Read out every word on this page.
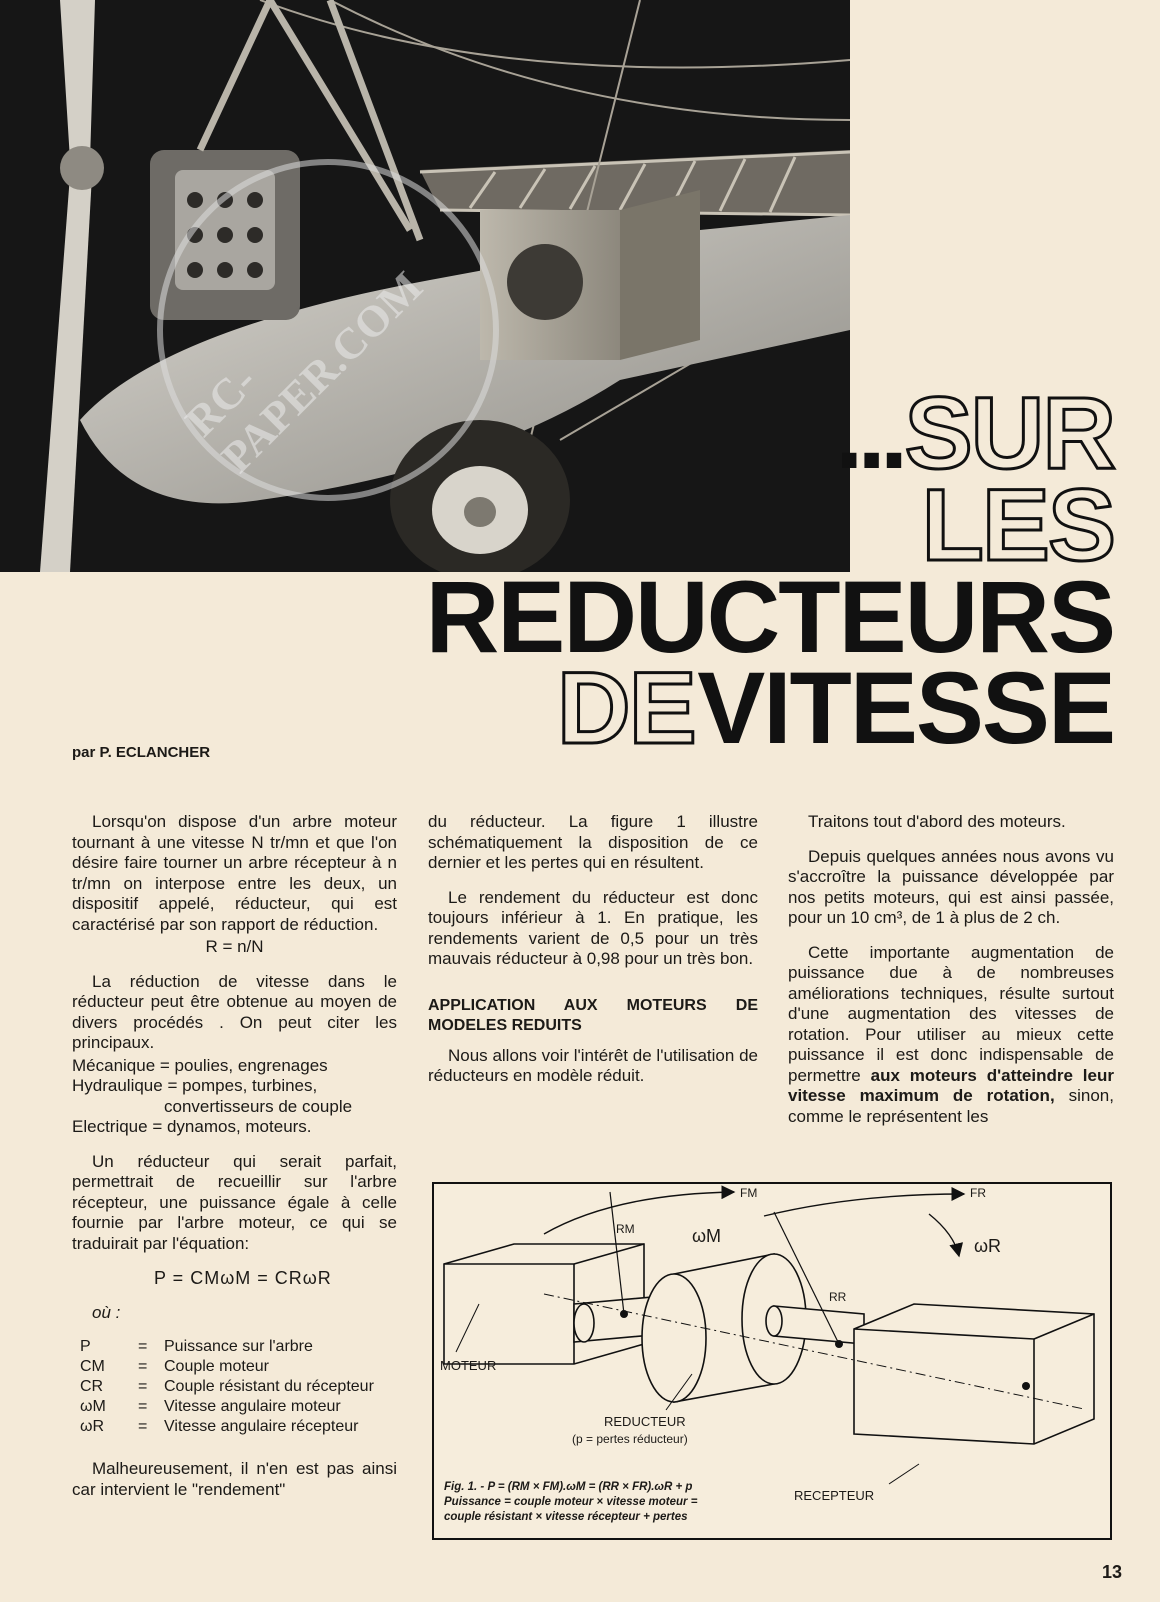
RC-PAPER.COM	... SUR
LES
REDUCTEURS
DE VITESSE
par P. ECLANCHER

Lorsqu'on dispose d'un arbre moteur tournant à une vitesse N tr/mn et que l'on désire faire tourner un arbre récepteur à n tr/mn on interpose entre les deux, un dispositif appelé, réducteur, qui est caractérisé par son rapport de réduction.

R = n/N

La réduction de vitesse dans le réducteur peut être obtenue au moyen de divers procédés . On peut citer les principaux.

Mécanique = poulies, engrenages
Hydraulique = pompes, turbines,
convertisseurs de couple
Electrique = dynamos, moteurs.

Un réducteur qui serait parfait, permettrait de recueillir sur l'arbre récepteur, une puissance égale à celle fournie par l'arbre moteur, ce qui se traduirait par l'équation:

P = CMωM = CRωR

où :

P	=	Puissance sur l'arbre
CM	=	Couple moteur
CR	=	Couple résistant du récepteur
ωM	=	Vitesse angulaire moteur
ωR	=	Vitesse angulaire récepteur

Malheureusement, il n'en est pas ainsi car intervient le "rendement"

du réducteur. La figure 1 illustre schématiquement la disposition de ce dernier et les pertes qui en résultent.

Le rendement du réducteur est donc toujours inférieur à 1. En pratique, les rendements varient de 0,5 pour un très mauvais réducteur à 0,98 pour un très bon.

APPLICATION AUX MOTEURS DE MODELES REDUITS

Nous allons voir l'intérêt de l'utilisation de réducteurs en modèle réduit.

Traitons tout d'abord des moteurs.

Depuis quelques années nous avons vu s'accroître la puissance développée par nos petits moteurs, qui est ainsi passée, pour un 10 cm³, de 1 à plus de 2 ch.

Cette importante augmentation de puissance due à de nombreuses améliorations techniques, résulte surtout d'une augmentation des vitesses de rotation. Pour utiliser au mieux cette puissance il est donc indispensable de permettre aux moteurs d'atteindre leur vitesse maximum de rotation, sinon, comme le représentent les

FM	FR
RM	ωM	ωR
RR
MOTEUR
REDUCTEUR
(p = pertes réducteur)
RECEPTEUR
Fig. 1. - P = (RM × FM).ωM = (RR × FR).ωR + p
Puissance = couple moteur × vitesse moteur =
couple résistant × vitesse récepteur + pertes
13
